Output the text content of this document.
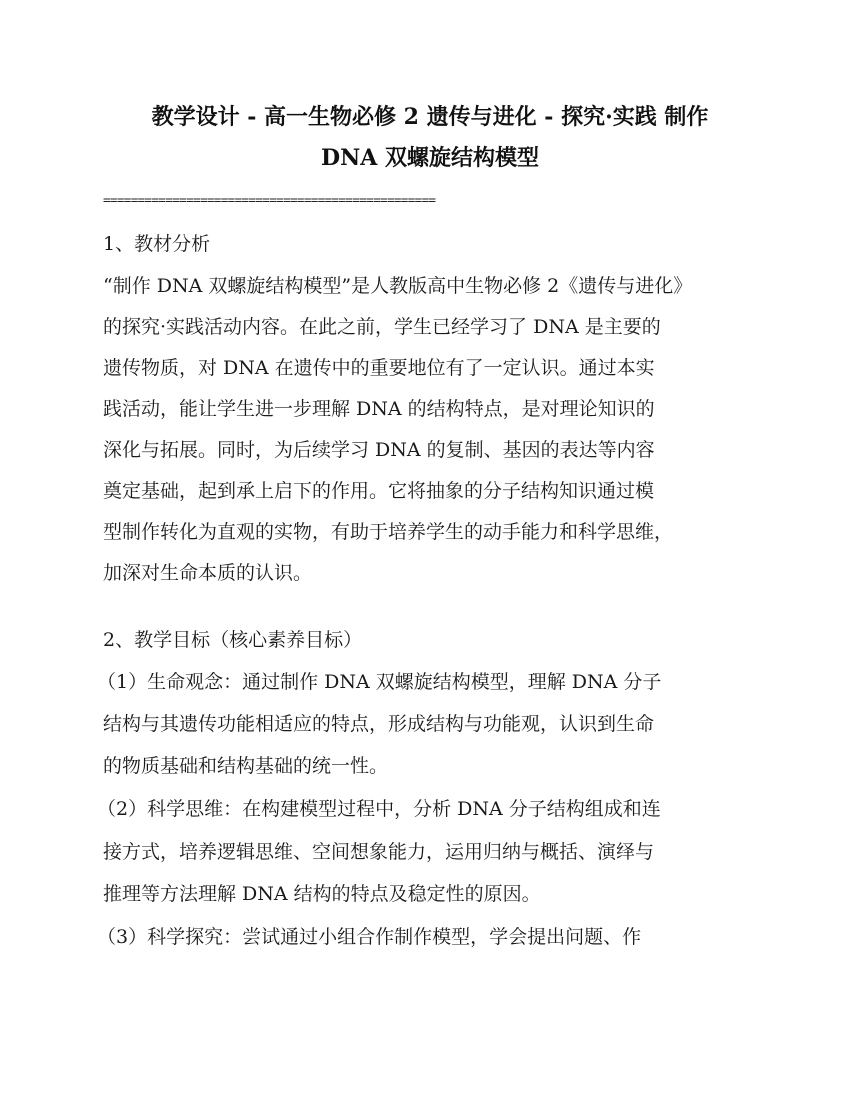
教学设计 - 高一生物必修 2 遗传与进化 - 探究·实践 制作
DNA 双螺旋结构模型
================================================
1、教材分析
“制作 DNA 双螺旋结构模型”是人教版高中生物必修 2《遗传与进化》
的探究·实践活动内容。在此之前，学生已经学习了 DNA 是主要的
遗传物质，对 DNA 在遗传中的重要地位有了一定认识。通过本实
践活动，能让学生进一步理解 DNA 的结构特点，是对理论知识的
深化与拓展。同时，为后续学习 DNA 的复制、基因的表达等内容
奠定基础，起到承上启下的作用。它将抽象的分子结构知识通过模
型制作转化为直观的实物，有助于培养学生的动手能力和科学思维，
加深对生命本质的认识。
2、教学目标（核心素养目标）
（1）生命观念：通过制作 DNA 双螺旋结构模型，理解 DNA 分子
结构与其遗传功能相适应的特点，形成结构与功能观，认识到生命
的物质基础和结构基础的统一性。
（2）科学思维：在构建模型过程中，分析 DNA 分子结构组成和连
接方式，培养逻辑思维、空间想象能力，运用归纳与概括、演绎与
推理等方法理解 DNA 结构的特点及稳定性的原因。
（3）科学探究：尝试通过小组合作制作模型，学会提出问题、作
